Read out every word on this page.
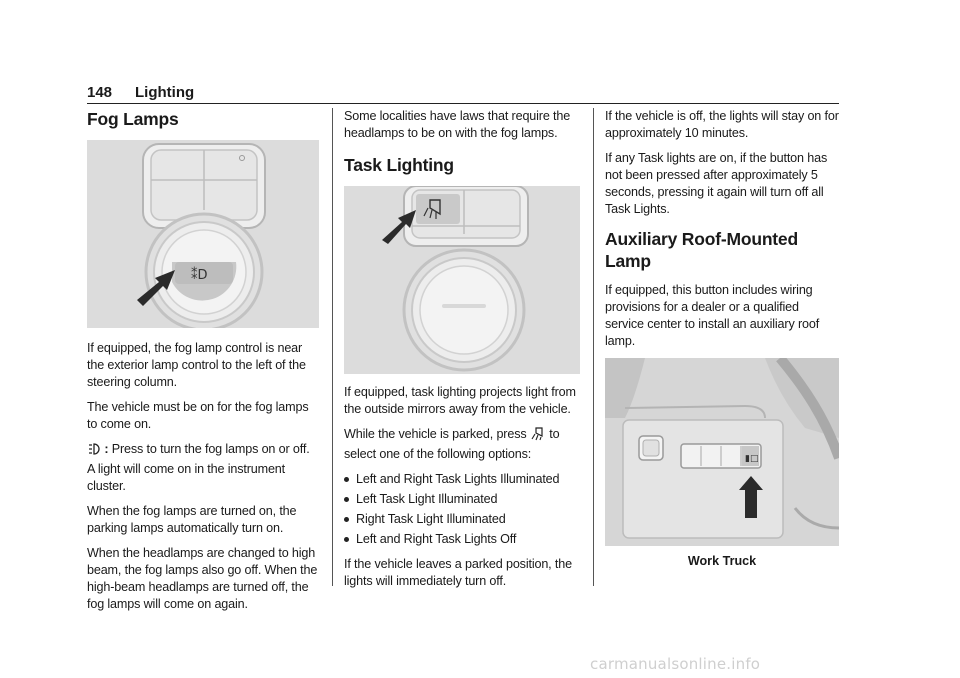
148 Lighting
Fog Lamps
⁑D

If equipped, the fog lamp control is near the exterior lamp control to the left of the steering column.

The vehicle must be on for the fog lamps to come on.

: Press to turn the fog lamps on or off. A light will come on in the instrument cluster.

When the fog lamps are turned on, the parking lamps automatically turn on.

When the headlamps are changed to high beam, the fog lamps also go off. When the high-beam headlamps are turned off, the fog lamps will come on again.

Some localities have laws that require the headlamps to be on with the fog lamps.

Task Lighting

If equipped, task lighting projects light from the outside mirrors away from the vehicle.

While the vehicle is parked, press to select one of the following options:

Left and Right Task Lights Illuminated
Left Task Light Illuminated
Right Task Light Illuminated
Left and Right Task Lights Off

If the vehicle leaves a parked position, the lights will immediately turn off.

If the vehicle is off, the lights will stay on for approximately 10 minutes.

If any Task lights are on, if the button has not been pressed after approximately 5 seconds, pressing it again will turn off all Task Lights.

Auxiliary Roof-Mounted Lamp

If equipped, this button includes wiring provisions for a dealer or a qualified service center to install an auxiliary roof lamp.

▮□
Work Truck
carmanualsonline.info
